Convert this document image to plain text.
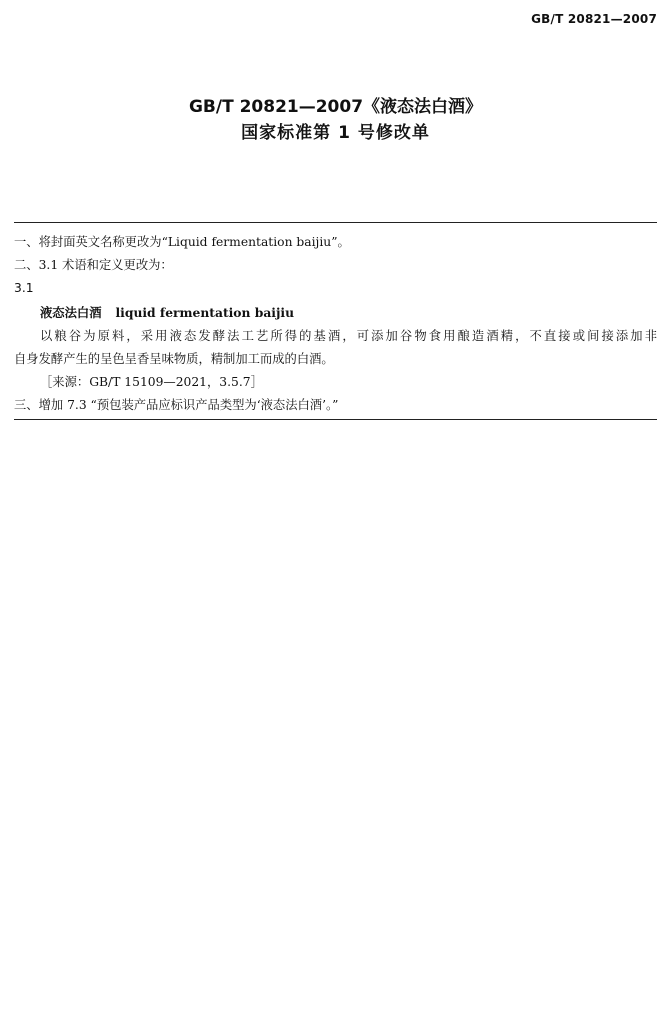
GB/T 20821—2007
GB/T 20821—2007《液态法白酒》
国家标准第 1 号修改单
一、将封面英文名称更改为“Liquid fermentation baijiu”。
二、3.1 术语和定义更改为：
3.1
液态法白酒 liquid fermentation baijiu
以粮谷为原料，采用液态发酵法工艺所得的基酒，可添加谷物食用酿造酒精，不直接或间接添加非
自身发酵产生的呈色呈香呈味物质，精制加工而成的白酒。
［来源：GB/T 15109—2021，3.5.7］
三、增加 7.3 “预包装产品应标识产品类型为‘液态法白酒’。”
